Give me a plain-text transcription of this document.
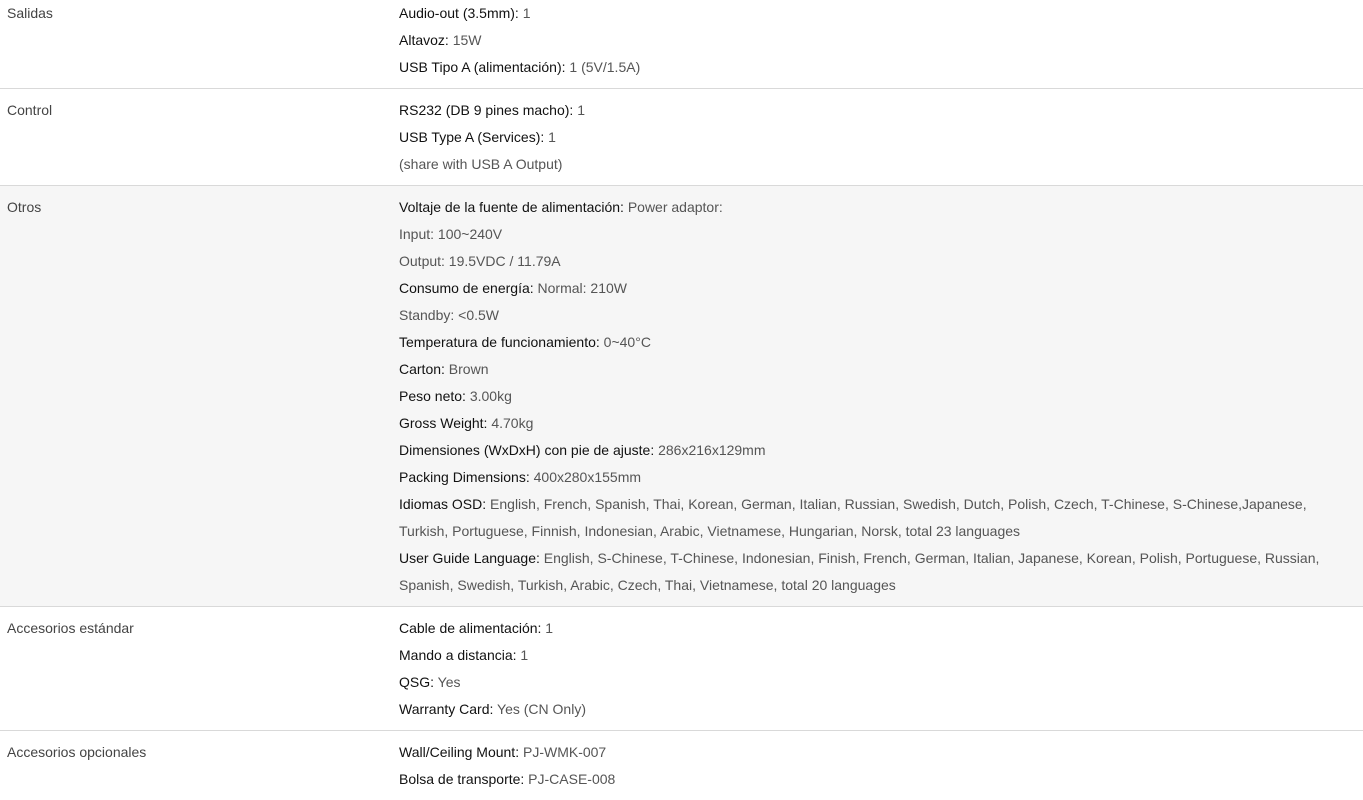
Salidas	Audio-out (3.5mm): 1
Altavoz: 15W
USB Tipo A (alimentación): 1 (5V/1.5A)
Control	RS232 (DB 9 pines macho): 1
USB Type A (Services): 1
(share with USB A Output)
Otros	Voltaje de la fuente de alimentación: Power adaptor:
Input: 100~240V
Output: 19.5VDC / 11.79A
Consumo de energía: Normal: 210W
Standby: <0.5W
Temperatura de funcionamiento: 0~40°C
Carton: Brown
Peso neto: 3.00kg
Gross Weight: 4.70kg
Dimensiones (WxDxH) con pie de ajuste: 286x216x129mm
Packing Dimensions: 400x280x155mm
Idiomas OSD: English, French, Spanish, Thai, Korean, German, Italian, Russian, Swedish, Dutch, Polish, Czech, T-Chinese, S-Chinese,Japanese, Turkish, Portuguese, Finnish, Indonesian, Arabic, Vietnamese, Hungarian, Norsk, total 23 languages
User Guide Language: English, S-Chinese, T-Chinese, Indonesian, Finish, French, German, Italian, Japanese, Korean, Polish, Portuguese, Russian, Spanish, Swedish, Turkish, Arabic, Czech, Thai, Vietnamese, total 20 languages
Accesorios estándar	Cable de alimentación: 1
Mando a distancia: 1
QSG: Yes
Warranty Card: Yes (CN Only)
Accesorios opcionales	Wall/Ceiling Mount: PJ-WMK-007
Bolsa de transporte: PJ-CASE-008
